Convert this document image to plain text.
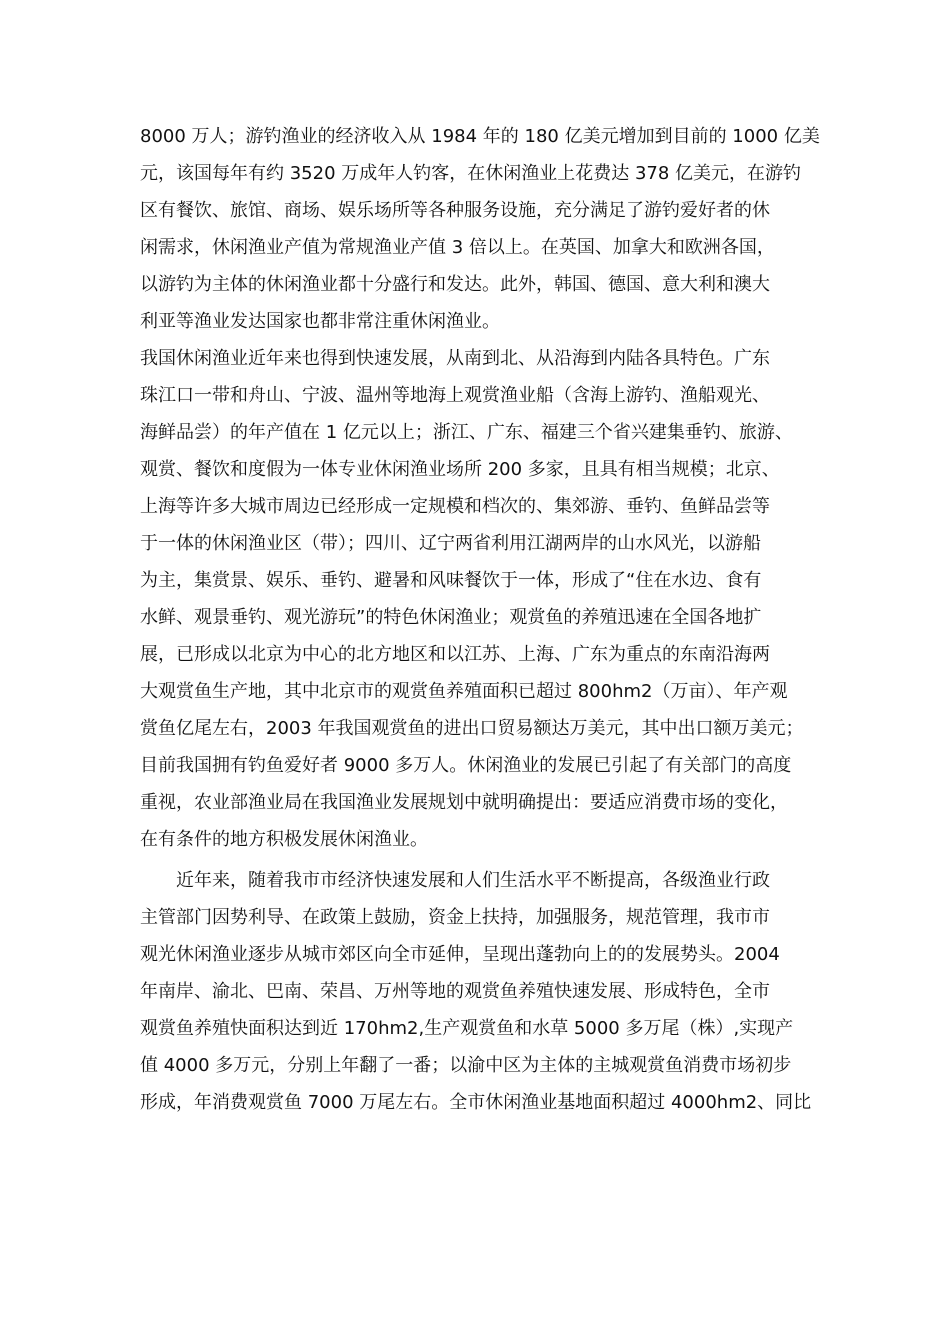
8000 万人；游钓渔业的经济收入从 1984 年的 180 亿美元增加到目前的 1000 亿美
元，该国每年有约 3520 万成年人钓客，在休闲渔业上花费达 378 亿美元，在游钓
区有餐饮、旅馆、商场、娱乐场所等各种服务设施，充分满足了游钓爱好者的休
闲需求，休闲渔业产值为常规渔业产值 3 倍以上。在英国、加拿大和欧洲各国，
以游钓为主体的休闲渔业都十分盛行和发达。此外，韩国、德国、意大利和澳大
利亚等渔业发达国家也都非常注重休闲渔业。

我国休闲渔业近年来也得到快速发展，从南到北、从沿海到内陆各具特色。广东
珠江口一带和舟山、宁波、温州等地海上观赏渔业船（含海上游钓、渔船观光、
海鲜品尝）的年产值在 1 亿元以上；浙江、广东、福建三个省兴建集垂钓、旅游、
观赏、餐饮和度假为一体专业休闲渔业场所 200 多家，且具有相当规模；北京、
上海等许多大城市周边已经形成一定规模和档次的、集郊游、垂钓、鱼鲜品尝等
于一体的休闲渔业区（带）；四川、辽宁两省利用江湖两岸的山水风光，以游船
为主，集赏景、娱乐、垂钓、避暑和风味餐饮于一体，形成了“住在水边、食有
水鲜、观景垂钓、观光游玩”的特色休闲渔业；观赏鱼的养殖迅速在全国各地扩
展，已形成以北京为中心的北方地区和以江苏、上海、广东为重点的东南沿海两
大观赏鱼生产地，其中北京市的观赏鱼养殖面积已超过 800hm2（万亩）、年产观
赏鱼亿尾左右，2003 年我国观赏鱼的进出口贸易额达万美元，其中出口额万美元；
目前我国拥有钓鱼爱好者 9000 多万人。休闲渔业的发展已引起了有关部门的高度
重视，农业部渔业局在我国渔业发展规划中就明确提出：要适应消费市场的变化，
在有条件的地方积极发展休闲渔业。

近年来，随着我市市经济快速发展和人们生活水平不断提高，各级渔业行政
主管部门因势利导、在政策上鼓励，资金上扶持，加强服务，规范管理，我市市
观光休闲渔业逐步从城市郊区向全市延伸，呈现出蓬勃向上的的发展势头。2004
年南岸、渝北、巴南、荣昌、万州等地的观赏鱼养殖快速发展、形成特色，全市
观赏鱼养殖快面积达到近 170hm2,生产观赏鱼和水草 5000 多万尾（株）,实现产
值 4000 多万元，分别上年翻了一番；以渝中区为主体的主城观赏鱼消费市场初步
形成，年消费观赏鱼 7000 万尾左右。全市休闲渔业基地面积超过 4000hm2、同比
